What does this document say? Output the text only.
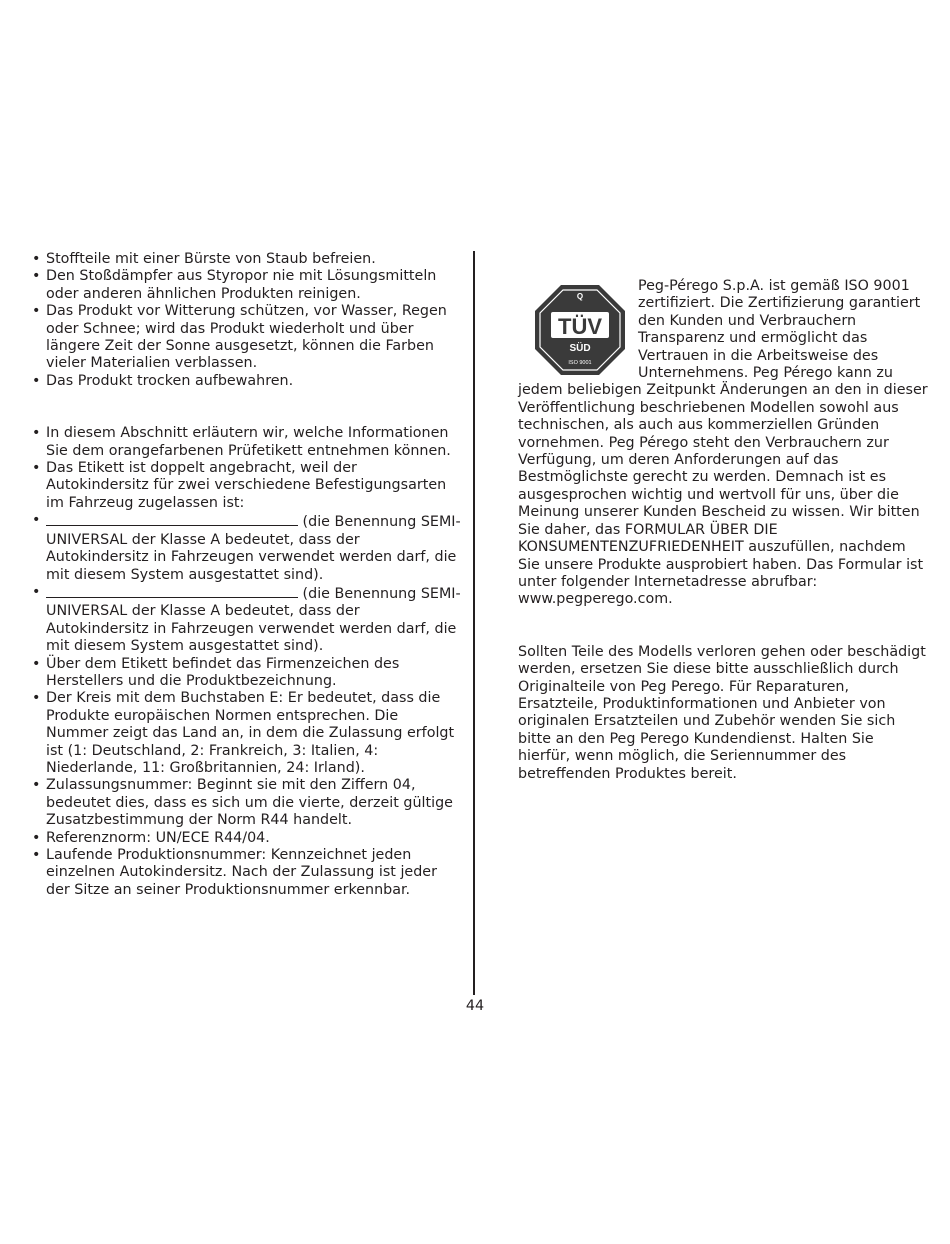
• Stoffteile mit einer Bürste von Staub befreien.
• Den Stoßdämpfer aus Styropor nie mit Lösungsmitteln oder anderen ähnlichen Produkten reinigen.
• Das Produkt vor Witterung schützen, vor Wasser, Regen oder Schnee; wird das Produkt wiederholt und über längere Zeit der Sonne ausgesetzt, können die Farben vieler Materialien verblassen.
• Das Produkt trocken aufbewahren.
• In diesem Abschnitt erläutern wir, welche Informationen Sie dem orangefarbenen Prüfetikett entnehmen können.
• Das Etikett ist doppelt angebracht, weil der Autokindersitz für zwei verschiedene Befestigungsarten im Fahrzeug zugelassen ist:
• (die Benennung SEMI-UNIVERSAL der Klasse A bedeutet, dass der Autokindersitz in Fahrzeugen verwendet werden darf, die mit diesem System ausgestattet sind).
• (die Benennung SEMI-UNIVERSAL der Klasse A bedeutet, dass der Autokindersitz in Fahrzeugen verwendet werden darf, die mit diesem System ausgestattet sind).
• Über dem Etikett befindet das Firmenzeichen des Herstellers und die Produktbezeichnung.
• Der Kreis mit dem Buchstaben E: Er bedeutet, dass die Produkte europäischen Normen entsprechen. Die Nummer zeigt das Land an, in dem die Zulassung erfolgt ist (1: Deutschland, 2: Frankreich, 3: Italien, 4: Niederlande, 11: Großbritannien, 24: Irland).
• Zulassungsnummer: Beginnt sie mit den Ziffern 04, bedeutet dies, dass es sich um die vierte, derzeit gültige Zusatzbestimmung der Norm R44 handelt.
• Referenznorm: UN/ECE R44/04.
• Laufende Produktionsnummer: Kennzeichnet jeden einzelnen Autokindersitz. Nach der Zulassung ist jeder der Sitze an seiner Produktionsnummer erkennbar.
Q
TÜV
SÜD
ISO 9001

Peg-Pérego S.p.A. ist gemäß ISO 9001 zertifiziert. Die Zertifizierung garantiert den Kunden und Verbrauchern Transparenz und ermöglicht das Vertrauen in die Arbeitsweise des Unternehmens. Peg Pérego kann zu jedem beliebigen Zeitpunkt Änderungen an den in dieser Veröffentlichung beschriebenen Modellen sowohl aus technischen, als auch aus kommerziellen Gründen vornehmen. Peg Pérego steht den Verbrauchern zur Verfügung, um deren Anforderungen auf das Bestmöglichste gerecht zu werden. Demnach ist es ausgesprochen wichtig und wertvoll für uns, über die Meinung unserer Kunden Bescheid zu wissen. Wir bitten Sie daher, das FORMULAR ÜBER DIE KONSUMENTENZUFRIEDENHEIT auszufüllen, nachdem Sie unsere Produkte ausprobiert haben. Das Formular ist unter folgender Internetadresse abrufbar: www.pegperego.com.

Sollten Teile des Modells verloren gehen oder beschädigt werden, ersetzen Sie diese bitte ausschließlich durch Originalteile von Peg Perego. Für Reparaturen, Ersatzteile, Produktinformationen und Anbieter von originalen Ersatzteilen und Zubehör wenden Sie sich bitte an den Peg Perego Kundendienst. Halten Sie hierfür, wenn möglich, die Seriennummer des betreffenden Produktes bereit.

44
